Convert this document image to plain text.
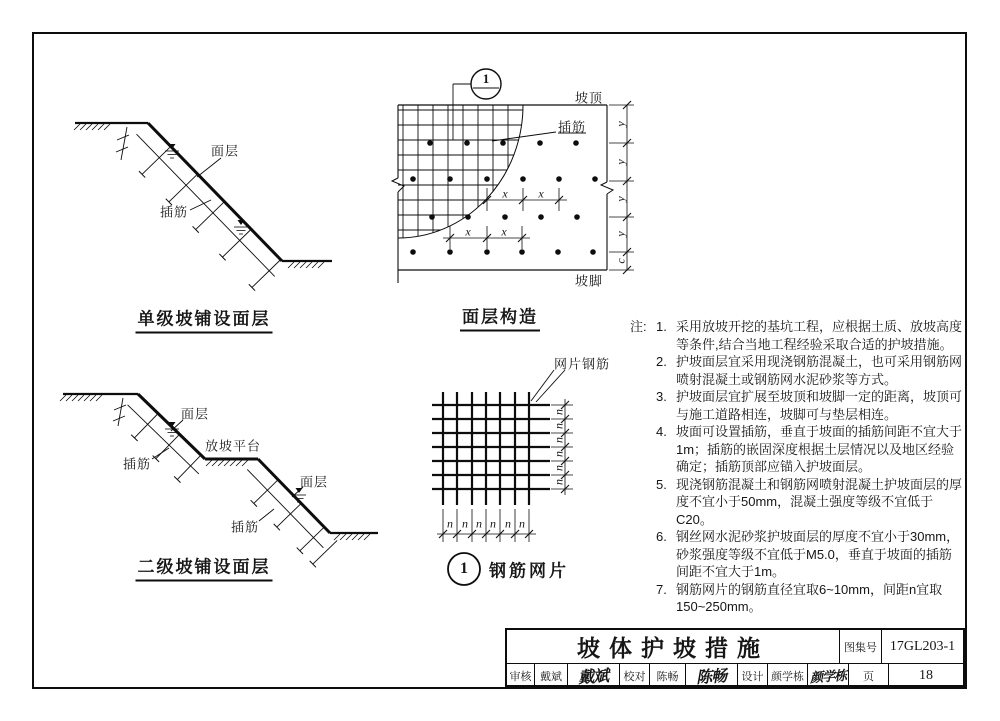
面层
插筋
单级坡铺设面层
面层
放坡平台
插筋
面层
插筋
二级坡铺设面层
坡顶
插筋
坡脚
1
面层构造
网片钢筋
1 钢筋网片
注: 1. 采用放坡开挖的基坑工程，应根据土质、放坡高度等条件,结合当地工程经验采取合适的护坡措施。
2. 护坡面层宜采用现浇钢筋混凝土，也可采用钢筋网喷射混凝土或钢筋网水泥砂浆等方式。
3. 护坡面层宜扩展至坡顶和坡脚一定的距离，坡顶可与施工道路相连，坡脚可与垫层相连。
4. 坡面可设置插筋，垂直于坡面的插筋间距不宜大于1m；插筋的嵌固深度根据土层情况以及地区经验确定；插筋顶部应锚入护坡面层。
5. 现浇钢筋混凝土和钢筋网喷射混凝土护坡面层的厚度不宜小于50mm，混凝土强度等级不宜低于C20。
6. 钢丝网水泥砂浆护坡面层的厚度不宜小于30mm，砂浆强度等级不宜低于M5.0，垂直于坡面的插筋间距不宜大于1m。
7. 钢筋网片的钢筋直径宜取6~10mm，间距n宜取150~250mm。
坡体护坡措施	图集号 17GL203-1
审核 戴斌 戴斌 校对 陈畅 陈畅 设计 颜学栋 颜学栋 页	18
x	x
x	x
y
y
y
y
c
n n n n n n
n
n
n
n
n
n
